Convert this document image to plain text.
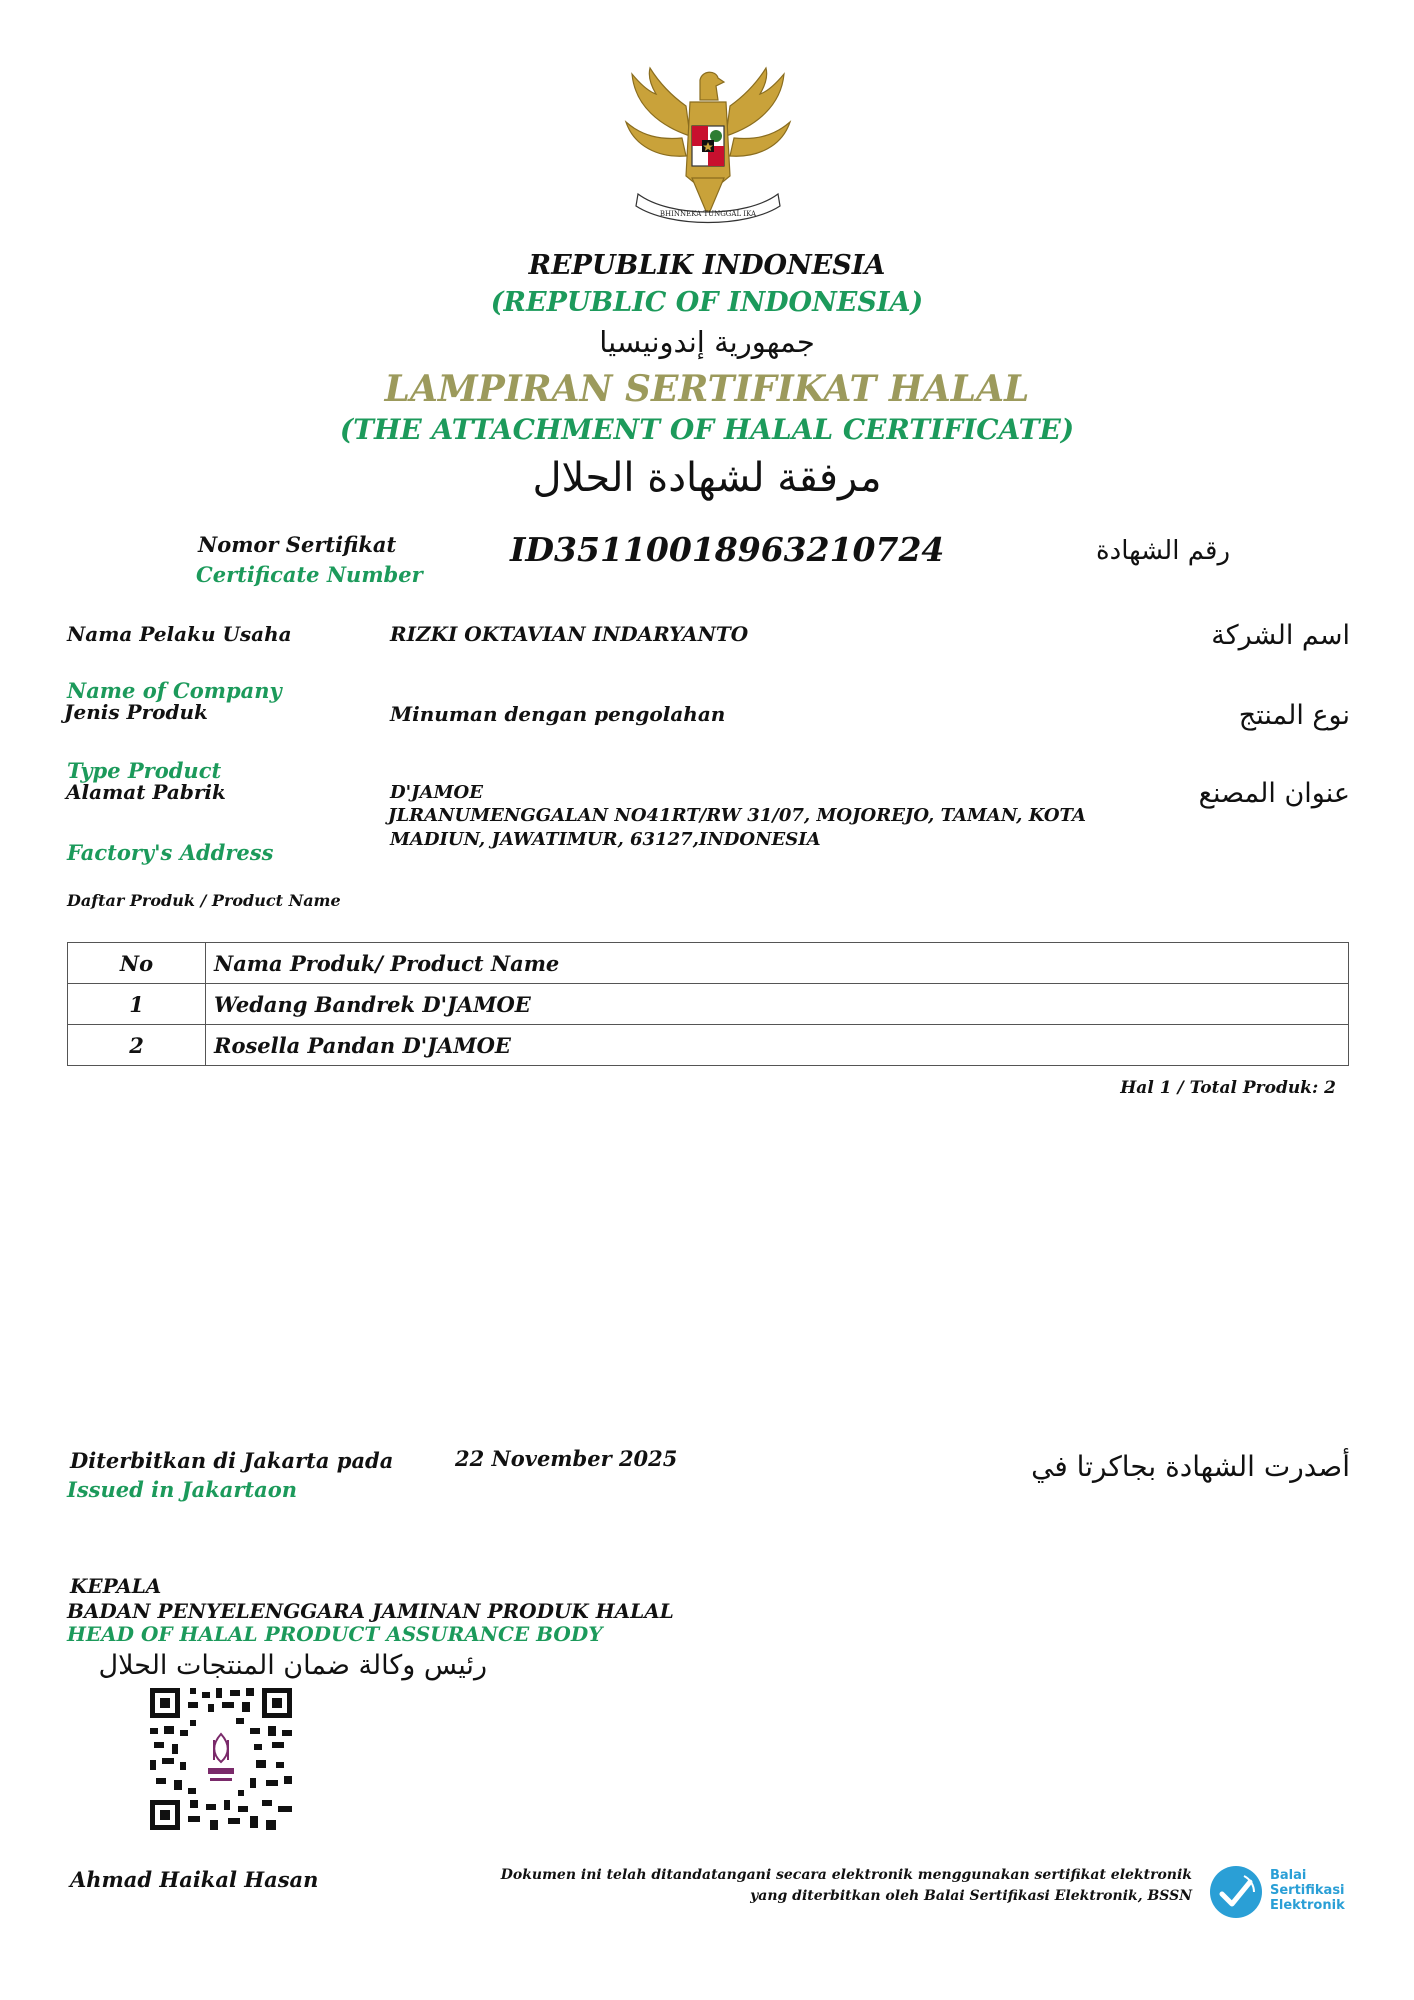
BHINNEKA TUNGGAL IKA
REPUBLIK INDONESIA
(REPUBLIC OF INDONESIA)
جمهورية إندونيسيا
LAMPIRAN SERTIFIKAT HALAL
(THE ATTACHMENT OF HALAL CERTIFICATE)
مرفقة لشهادة الحلال
Nomor Sertifikat
Certificate Number
ID35110018963210724	رقم الشهادة
Nama Pelaku Usaha	RIZKI OKTAVIAN INDARYANTO	اسم الشركة
Name of Company
Jenis Produk	Minuman dengan pengolahan	نوع المنتج
Type Product
Alamat Pabrik	D'JAMOE
JLRANUMENGGALAN NO41RT/RW 31/07, MOJOREJO, TAMAN, KOTA
MADIUN, JAWATIMUR, 63127,INDONESIA
عنوان المصنع
Factory's Address
Daftar Produk / Product Name
No	Nama Produk/ Product Name
1	Wedang Bandrek D'JAMOE
2	Rosella Pandan D'JAMOE
Hal 1 / Total Produk: 2
Diterbitkan di Jakarta pada	22 November 2025
Issued in Jakartaon
أصدرت الشهادة بجاكرتا في
KEPALA
BADAN PENYELENGGARA JAMINAN PRODUK HALAL
HEAD OF HALAL PRODUCT ASSURANCE BODY
رئيس وكالة ضمان المنتجات الحلال
Ahmad Haikal Hasan	Dokumen ini telah ditandatangani secara elektronik menggunakan sertifikat elektronik
yang diterbitkan oleh Balai Sertifikasi Elektronik, BSSN
Balai
Sertifikasi
Elektronik
